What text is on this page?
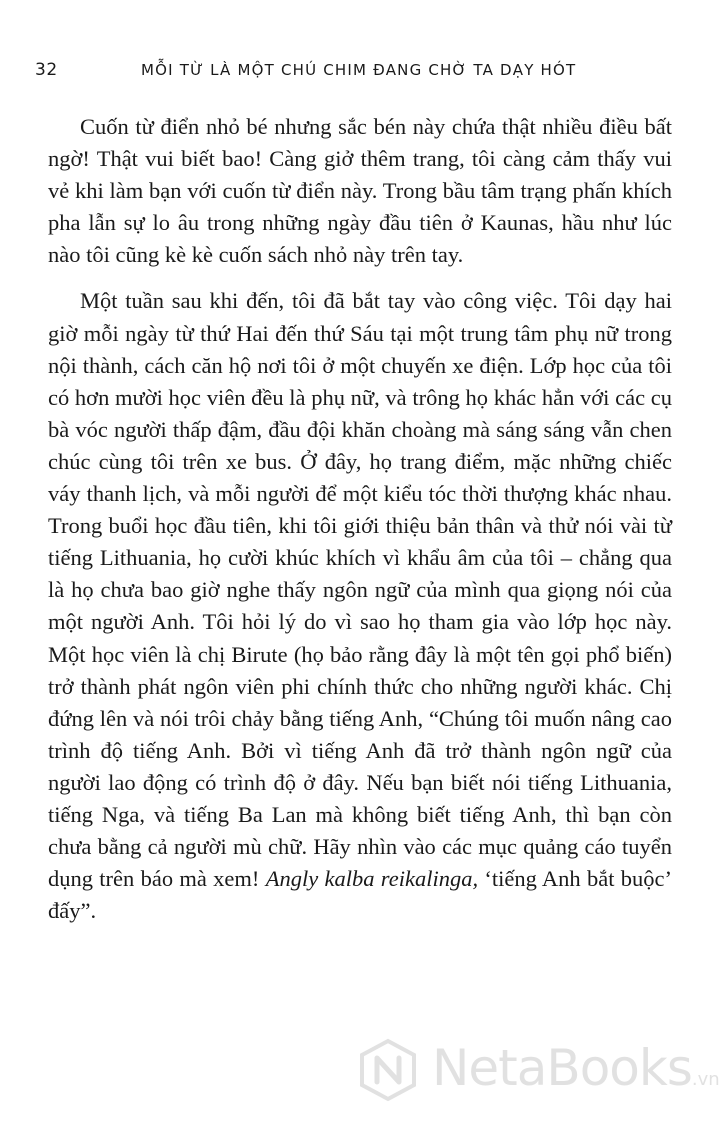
32	MỖI TỪ LÀ MỘT CHÚ CHIM ĐANG CHỜ TA DẠY HÓT

Cuốn từ điển nhỏ bé nhưng sắc bén này chứa thật nhiều điều bất ngờ! Thật vui biết bao! Càng giở thêm trang, tôi càng cảm thấy vui vẻ khi làm bạn với cuốn từ điển này. Trong bầu tâm trạng phấn khích pha lẫn sự lo âu trong những ngày đầu tiên ở Kaunas, hầu như lúc nào tôi cũng kè kè cuốn sách nhỏ này trên tay.

Một tuần sau khi đến, tôi đã bắt tay vào công việc. Tôi dạy hai giờ mỗi ngày từ thứ Hai đến thứ Sáu tại một trung tâm phụ nữ trong nội thành, cách căn hộ nơi tôi ở một chuyến xe điện. Lớp học của tôi có hơn mười học viên đều là phụ nữ, và trông họ khác hẳn với các cụ bà vóc người thấp đậm, đầu đội khăn choàng mà sáng sáng vẫn chen chúc cùng tôi trên xe bus. Ở đây, họ trang điểm, mặc những chiếc váy thanh lịch, và mỗi người để một kiểu tóc thời thượng khác nhau. Trong buổi học đầu tiên, khi tôi giới thiệu bản thân và thử nói vài từ tiếng Lithuania, họ cười khúc khích vì khẩu âm của tôi – chẳng qua là họ chưa bao giờ nghe thấy ngôn ngữ của mình qua giọng nói của một người Anh. Tôi hỏi lý do vì sao họ tham gia vào lớp học này. Một học viên là chị Birute (họ bảo rằng đây là một tên gọi phổ biến) trở thành phát ngôn viên phi chính thức cho những người khác. Chị đứng lên và nói trôi chảy bằng tiếng Anh, “Chúng tôi muốn nâng cao trình độ tiếng Anh. Bởi vì tiếng Anh đã trở thành ngôn ngữ của người lao động có trình độ ở đây. Nếu bạn biết nói tiếng Lithuania, tiếng Nga, và tiếng Ba Lan mà không biết tiếng Anh, thì bạn còn chưa bằng cả người mù chữ. Hãy nhìn vào các mục quảng cáo tuyển dụng trên báo mà xem! Angly kalba reikalinga, ‘tiếng Anh bắt buộc’ đấy”.

NetaBooks.vn
